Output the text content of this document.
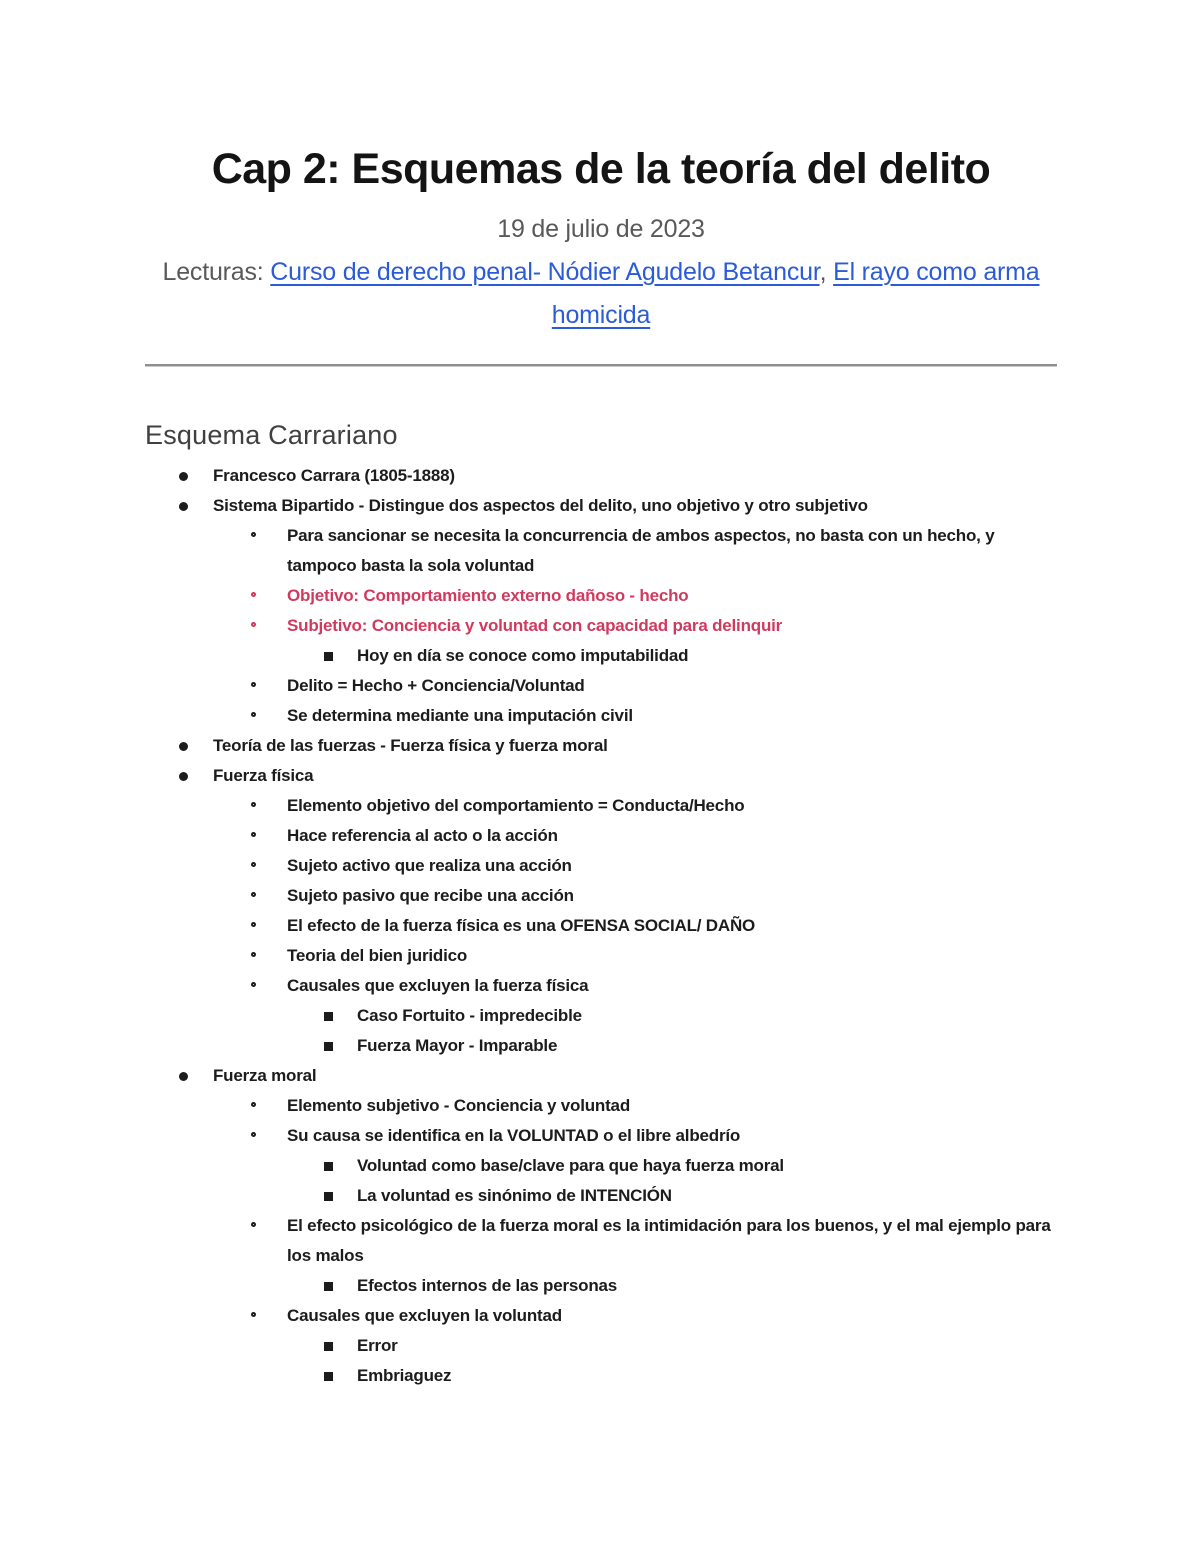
Cap 2: Esquemas de la teoría del delito
19 de julio de 2023
Lecturas: Curso de derecho penal- Nódier Agudelo Betancur, El rayo como arma homicida
Esquema Carrariano
Francesco Carrara (1805-1888)
Sistema Bipartido - Distingue dos aspectos del delito, uno objetivo y otro subjetivo
Para sancionar se necesita la concurrencia de ambos aspectos, no basta con un hecho, y tampoco basta la sola voluntad
Objetivo: Comportamiento externo dañoso - hecho
Subjetivo: Conciencia y voluntad con capacidad para delinquir
Hoy en día se conoce como imputabilidad
Delito = Hecho + Conciencia/Voluntad
Se determina mediante una imputación civil
Teoría de las fuerzas - Fuerza física y fuerza moral
Fuerza física
Elemento objetivo del comportamiento = Conducta/Hecho
Hace referencia al acto o la acción
Sujeto activo que realiza una acción
Sujeto pasivo que recibe una acción
El efecto de la fuerza física es una OFENSA SOCIAL/ DAÑO
Teoria del bien juridico
Causales que excluyen la fuerza física
Caso Fortuito - impredecible
Fuerza Mayor - Imparable
Fuerza moral
Elemento subjetivo - Conciencia y voluntad
Su causa se identifica en la VOLUNTAD o el libre albedrío
Voluntad como base/clave para que haya fuerza moral
La voluntad es sinónimo de INTENCIÓN
El efecto psicológico de la fuerza moral es la intimidación para los buenos, y el mal ejemplo para los malos
Efectos internos de las personas
Causales que excluyen la voluntad
Error
Embriaguez
